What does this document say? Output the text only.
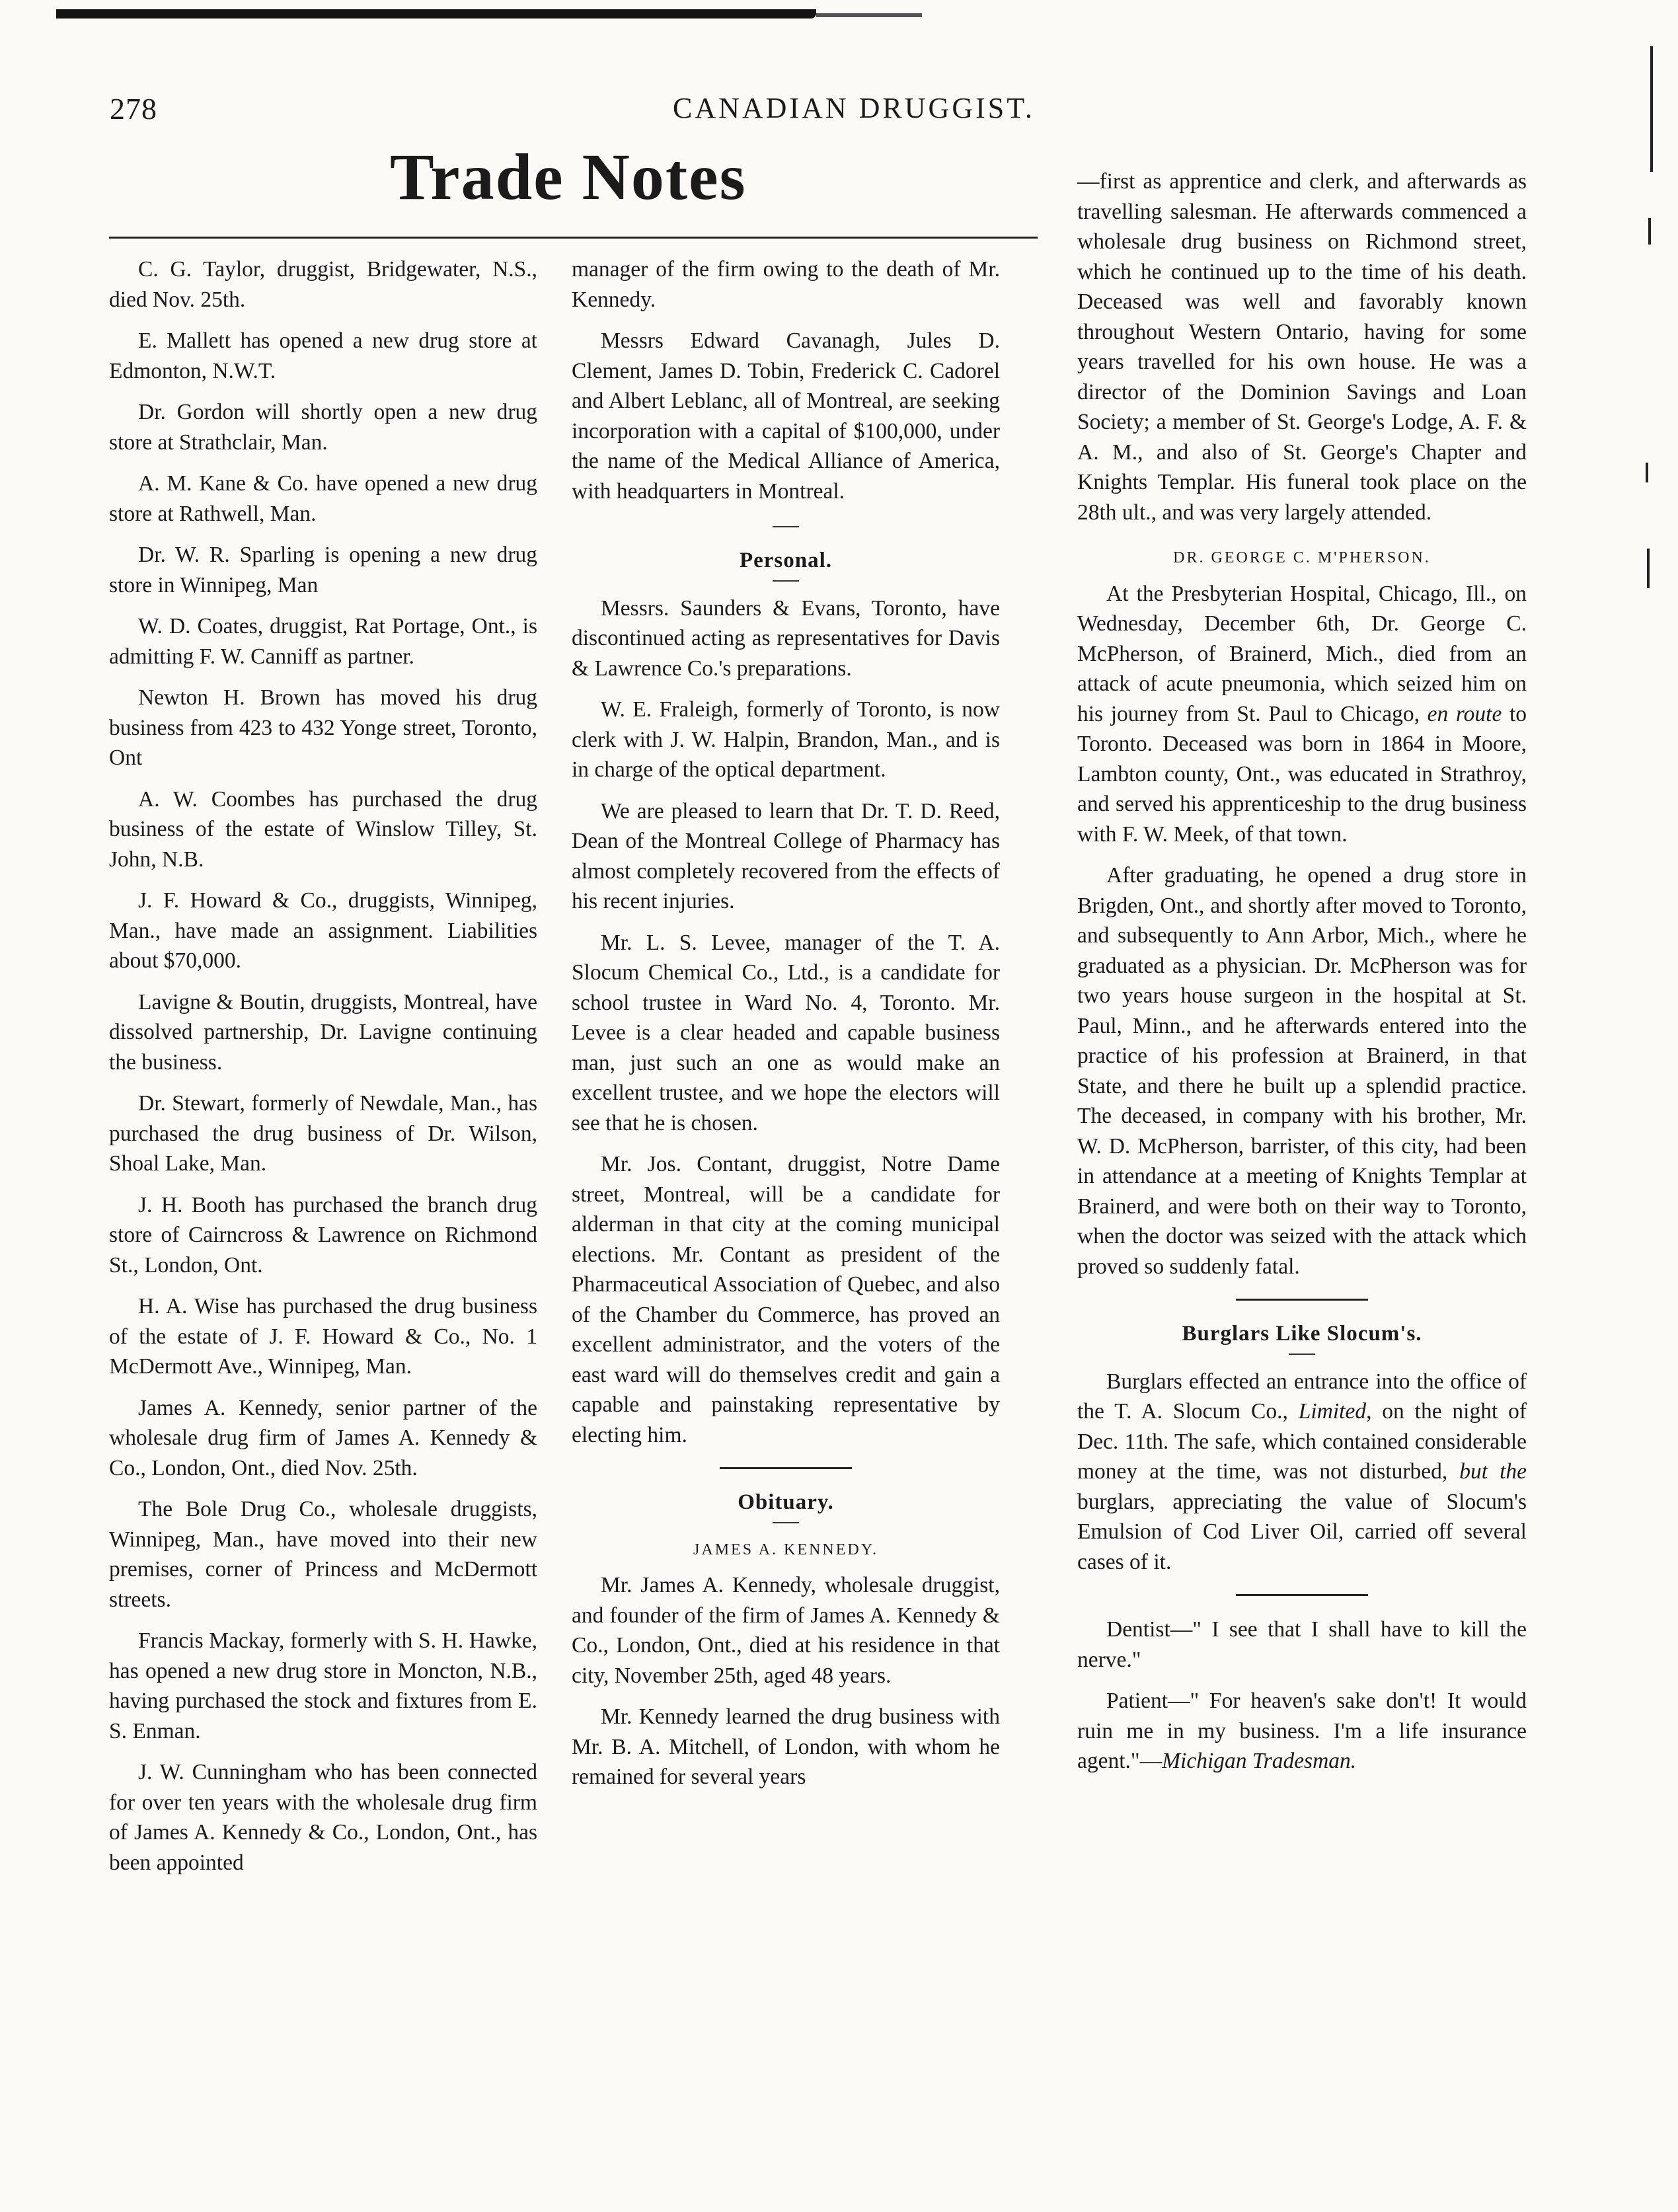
278	CANADIAN DRUGGIST.
Trade Notes

C. G. Taylor, druggist, Bridgewater, N.S., died Nov. 25th.

E. Mallett has opened a new drug store at Edmonton, N.W.T.

Dr. Gordon will shortly open a new drug store at Strathclair, Man.

A. M. Kane & Co. have opened a new drug store at Rathwell, Man.

Dr. W. R. Sparling is opening a new drug store in Winnipeg, Man

W. D. Coates, druggist, Rat Portage, Ont., is admitting F. W. Canniff as partner.

Newton H. Brown has moved his drug business from 423 to 432 Yonge street, Toronto, Ont

A. W. Coombes has purchased the drug business of the estate of Winslow Tilley, St. John, N.B.

J. F. Howard & Co., druggists, Winnipeg, Man., have made an assignment. Liabilities about $70,000.

Lavigne & Boutin, druggists, Montreal, have dissolved partnership, Dr. Lavigne continuing the business.

Dr. Stewart, formerly of Newdale, Man., has purchased the drug business of Dr. Wilson, Shoal Lake, Man.

J. H. Booth has purchased the branch drug store of Cairncross & Lawrence on Richmond St., London, Ont.

H. A. Wise has purchased the drug business of the estate of J. F. Howard & Co., No. 1 McDermott Ave., Winnipeg, Man.

James A. Kennedy, senior partner of the wholesale drug firm of James A. Kennedy & Co., London, Ont., died Nov. 25th.

The Bole Drug Co., wholesale druggists, Winnipeg, Man., have moved into their new premises, corner of Princess and McDermott streets.

Francis Mackay, formerly with S. H. Hawke, has opened a new drug store in Moncton, N.B., having purchased the stock and fixtures from E. S. Enman.

J. W. Cunningham who has been connected for over ten years with the wholesale drug firm of James A. Kennedy & Co., London, Ont., has been appointed

manager of the firm owing to the death of Mr. Kennedy.

Messrs Edward Cavanagh, Jules D. Clement, James D. Tobin, Frederick C. Cadorel and Albert Leblanc, all of Montreal, are seeking incorporation with a capital of $100,000, under the name of the Medical Alliance of America, with headquarters in Montreal.

Personal.

Messrs. Saunders & Evans, Toronto, have discontinued acting as representatives for Davis & Lawrence Co.'s preparations.

W. E. Fraleigh, formerly of Toronto, is now clerk with J. W. Halpin, Brandon, Man., and is in charge of the optical department.

We are pleased to learn that Dr. T. D. Reed, Dean of the Montreal College of Pharmacy has almost completely recovered from the effects of his recent injuries.

Mr. L. S. Levee, manager of the T. A. Slocum Chemical Co., Ltd., is a candidate for school trustee in Ward No. 4, Toronto. Mr. Levee is a clear headed and capable business man, just such an one as would make an excellent trustee, and we hope the electors will see that he is chosen.

Mr. Jos. Contant, druggist, Notre Dame street, Montreal, will be a candidate for alderman in that city at the coming municipal elections. Mr. Contant as president of the Pharmaceutical Association of Quebec, and also of the Chamber du Commerce, has proved an excellent administrator, and the voters of the east ward will do themselves credit and gain a capable and painstaking representative by electing him.

Obituary.
JAMES A. KENNEDY.

Mr. James A. Kennedy, wholesale druggist, and founder of the firm of James A. Kennedy & Co., London, Ont., died at his residence in that city, November 25th, aged 48 years.

Mr. Kennedy learned the drug business with Mr. B. A. Mitchell, of London, with whom he remained for several years

—first as apprentice and clerk, and afterwards as travelling salesman. He afterwards commenced a wholesale drug business on Richmond street, which he continued up to the time of his death. Deceased was well and favorably known throughout Western Ontario, having for some years travelled for his own house. He was a director of the Dominion Savings and Loan Society; a member of St. George's Lodge, A. F. & A. M., and also of St. George's Chapter and Knights Templar. His funeral took place on the 28th ult., and was very largely attended.

DR. GEORGE C. M'PHERSON.

At the Presbyterian Hospital, Chicago, Ill., on Wednesday, December 6th, Dr. George C. McPherson, of Brainerd, Mich., died from an attack of acute pneumonia, which seized him on his journey from St. Paul to Chicago, en route to Toronto. Deceased was born in 1864 in Moore, Lambton county, Ont., was educated in Strathroy, and served his apprenticeship to the drug business with F. W. Meek, of that town.

After graduating, he opened a drug store in Brigden, Ont., and shortly after moved to Toronto, and subsequently to Ann Arbor, Mich., where he graduated as a physician. Dr. McPherson was for two years house surgeon in the hospital at St. Paul, Minn., and he afterwards entered into the practice of his profession at Brainerd, in that State, and there he built up a splendid practice. The deceased, in company with his brother, Mr. W. D. McPherson, barrister, of this city, had been in attendance at a meeting of Knights Templar at Brainerd, and were both on their way to Toronto, when the doctor was seized with the attack which proved so suddenly fatal.

Burglars Like Slocum's.

Burglars effected an entrance into the office of the T. A. Slocum Co., Limited, on the night of Dec. 11th. The safe, which contained considerable money at the time, was not disturbed, but the burglars, appreciating the value of Slocum's Emulsion of Cod Liver Oil, carried off several cases of it.

Dentist—" I see that I shall have to kill the nerve."

Patient—" For heaven's sake don't! It would ruin me in my business. I'm a life insurance agent."—Michigan Tradesman.
